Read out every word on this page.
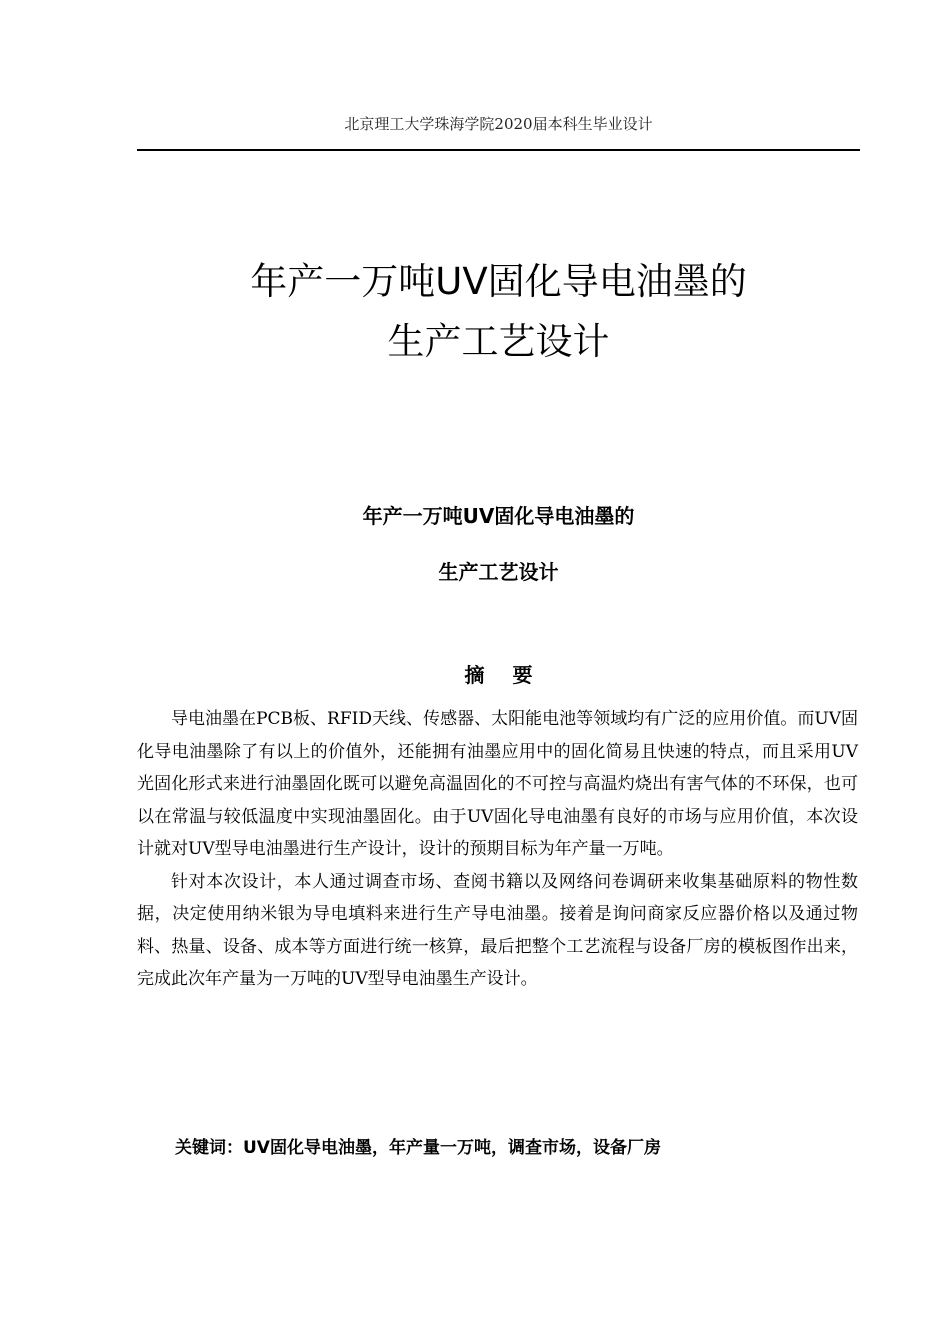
北京理工大学珠海学院2020届本科生毕业设计
年产一万吨UV固化导电油墨的
生产工艺设计
年产一万吨UV固化导电油墨的
生产工艺设计
摘要

导电油墨在PCB板、RFID天线、传感器、太阳能电池等领域均有广泛的应用价值。而UV固化导电油墨除了有以上的价值外，还能拥有油墨应用中的固化简易且快速的特点，而且采用UV光固化形式来进行油墨固化既可以避免高温固化的不可控与高温灼烧出有害气体的不环保，也可以在常温与较低温度中实现油墨固化。由于UV固化导电油墨有良好的市场与应用价值，本次设计就对UV型导电油墨进行生产设计，设计的预期目标为年产量一万吨。

针对本次设计，本人通过调查市场、查阅书籍以及网络问卷调研来收集基础原料的物性数据，决定使用纳米银为导电填料来进行生产导电油墨。接着是询问商家反应器价格以及通过物料、热量、设备、成本等方面进行统一核算，最后把整个工艺流程与设备厂房的模板图作出来，完成此次年产量为一万吨的UV型导电油墨生产设计。

关键词：UV固化导电油墨，年产量一万吨，调查市场，设备厂房
